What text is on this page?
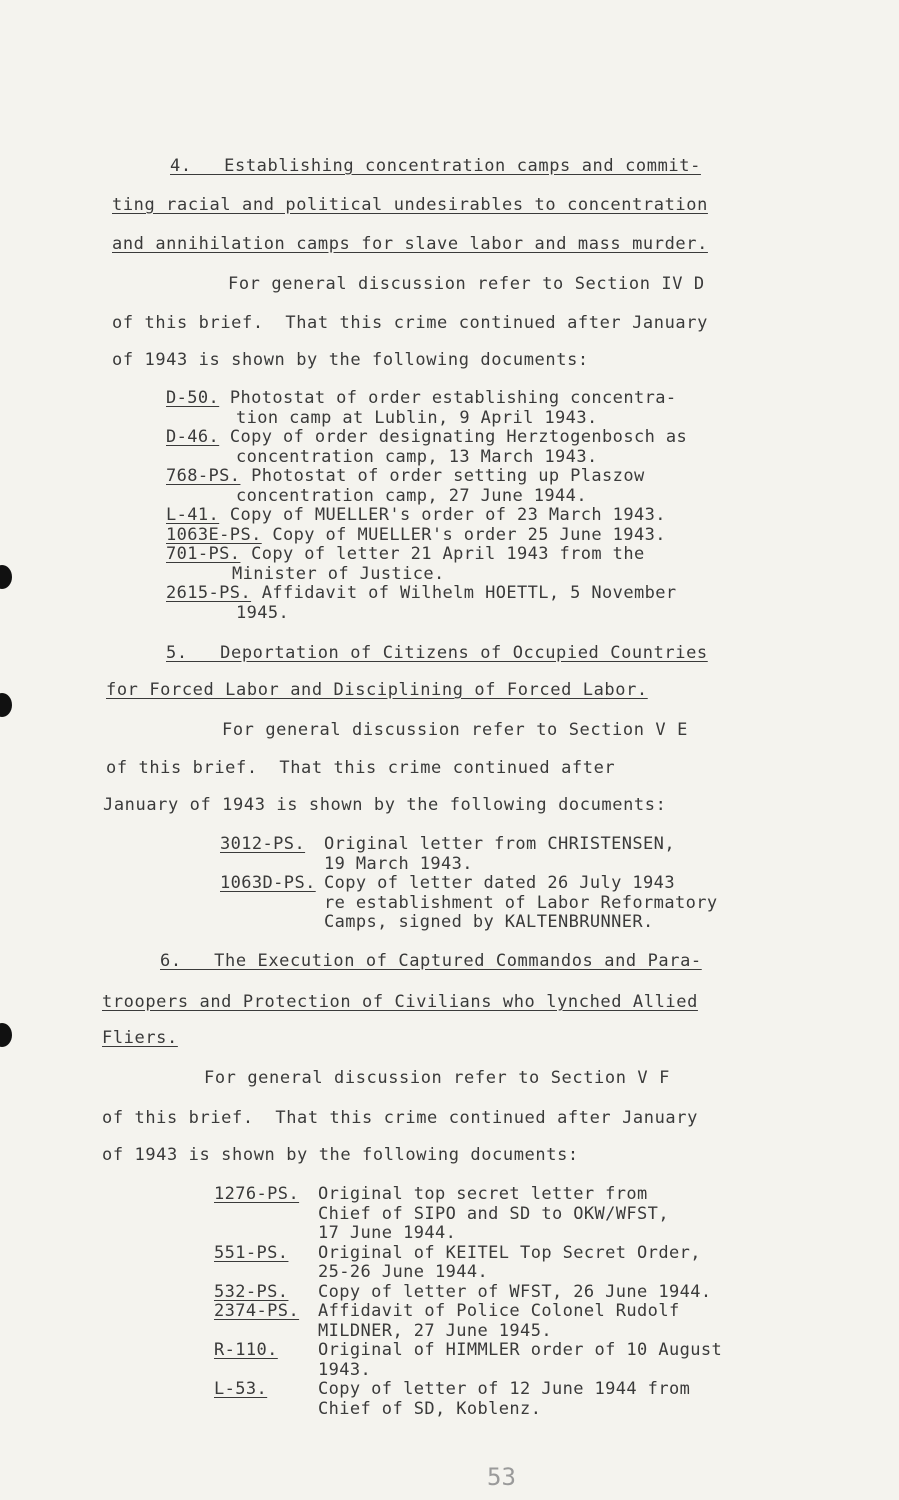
4.   Establishing concentration camps and commit-
ting racial and political undesirables to concentration
and annihilation camps for slave labor and mass murder.
For general discussion refer to Section IV D
of this brief.  That this crime continued after January
of 1943 is shown by the following documents:
D-50. Photostat of order establishing concentra-
tion camp at Lublin, 9 April 1943.
D-46. Copy of order designating Herztogenbosch as
concentration camp, 13 March 1943.
768-PS. Photostat of order setting up Plaszow
concentration camp, 27 June 1944.
L-41. Copy of MUELLER's order of 23 March 1943.
1063E-PS. Copy of MUELLER's order 25 June 1943.
701-PS. Copy of letter 21 April 1943 from the
Minister of Justice.
2615-PS. Affidavit of Wilhelm HOETTL, 5 November
1945.
5.   Deportation of Citizens of Occupied Countries
for Forced Labor and Disciplining of Forced Labor.
For general discussion refer to Section V E
of this brief.  That this crime continued after
January of 1943 is shown by the following documents:
3012-PS.	Original letter from CHRISTENSEN,
19 March 1943.
1063D-PS. Copy of letter dated 26 July 1943
re establishment of Labor Reformatory
Camps, signed by KALTENBRUNNER.
6.   The Execution of Captured Commandos and Para-
troopers and Protection of Civilians who lynched Allied
Fliers.
For general discussion refer to Section V F
of this brief.  That this crime continued after January
of 1943 is shown by the following documents:
1276-PS.	Original top secret letter from
Chief of SIPO and SD to OKW/WFST,
17 June 1944.
551-PS.	Original of KEITEL Top Secret Order,
25-26 June 1944.
532-PS.	Copy of letter of WFST, 26 June 1944.
2374-PS.	Affidavit of Police Colonel Rudolf
MILDNER, 27 June 1945.
R-110.	Original of HIMMLER order of 10 August
1943.
L-53.	Copy of letter of 12 June 1944 from
Chief of SD, Koblenz.
53
